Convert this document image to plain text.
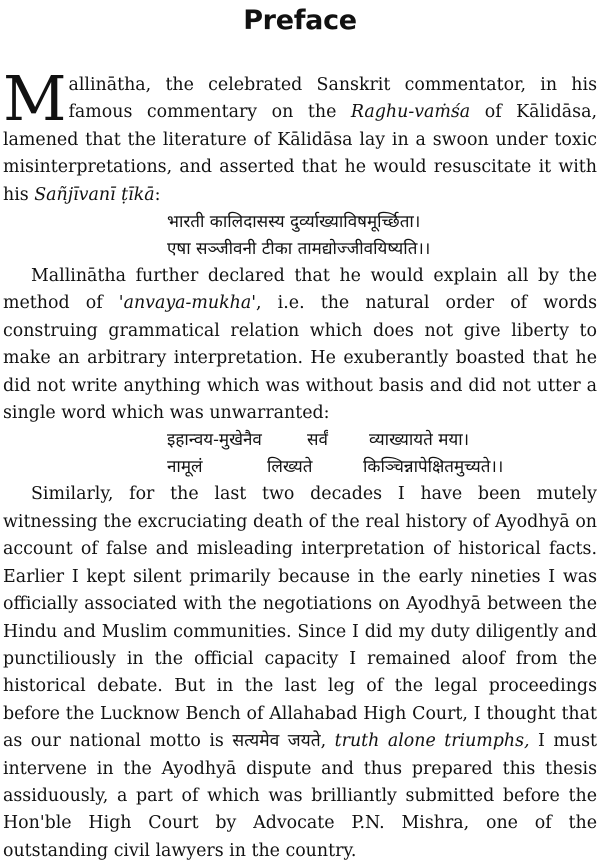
Preface

Mallinātha, the celebrated Sanskrit commentator, in his famous commentary on the Raghu-vaṁśa of Kālidāsa, lamened that the literature of Kālidāsa lay in a swoon under toxic misinterpretations, and asserted that he would resuscitate it with his Sañjīvanī ṭīkā:

भारती कालिदासस्य दुर्व्याख्याविषमूर्च्छिता।

एषा सञ्जीवनी टीका तामद्योज्जीवयिष्यति।।

Mallinātha further declared that he would explain all by the method of 'anvaya-mukha', i.e. the natural order of words construing grammatical relation which does not give liberty to make an arbitrary interpretation. He exuberantly boasted that he did not write anything which was without basis and did not utter a single word which was unwarranted:

इहान्वय-मुखेनैव	सर्वं व्याख्यायते मया।

नामूलं	लिख्यते	किञ्चिन्नापेक्षितमुच्यते।।

Similarly, for the last two decades I have been mutely witnessing the excruciating death of the real history of Ayodhyā on account of false and misleading interpretation of historical facts. Earlier I kept silent primarily because in the early nineties I was officially associated with the negotiations on Ayodhyā between the Hindu and Muslim communities. Since I did my duty diligently and punctiliously in the official capacity I remained aloof from the historical debate. But in the last leg of the legal proceedings before the Lucknow Bench of Allahabad High Court, I thought that as our national motto is सत्यमेव जयते, truth alone triumphs, I must intervene in the Ayodhyā dispute and thus prepared this thesis assiduously, a part of which was brilliantly submitted before the Hon'ble High Court by Advocate P.N. Mishra, one of the outstanding civil lawyers in the country.
